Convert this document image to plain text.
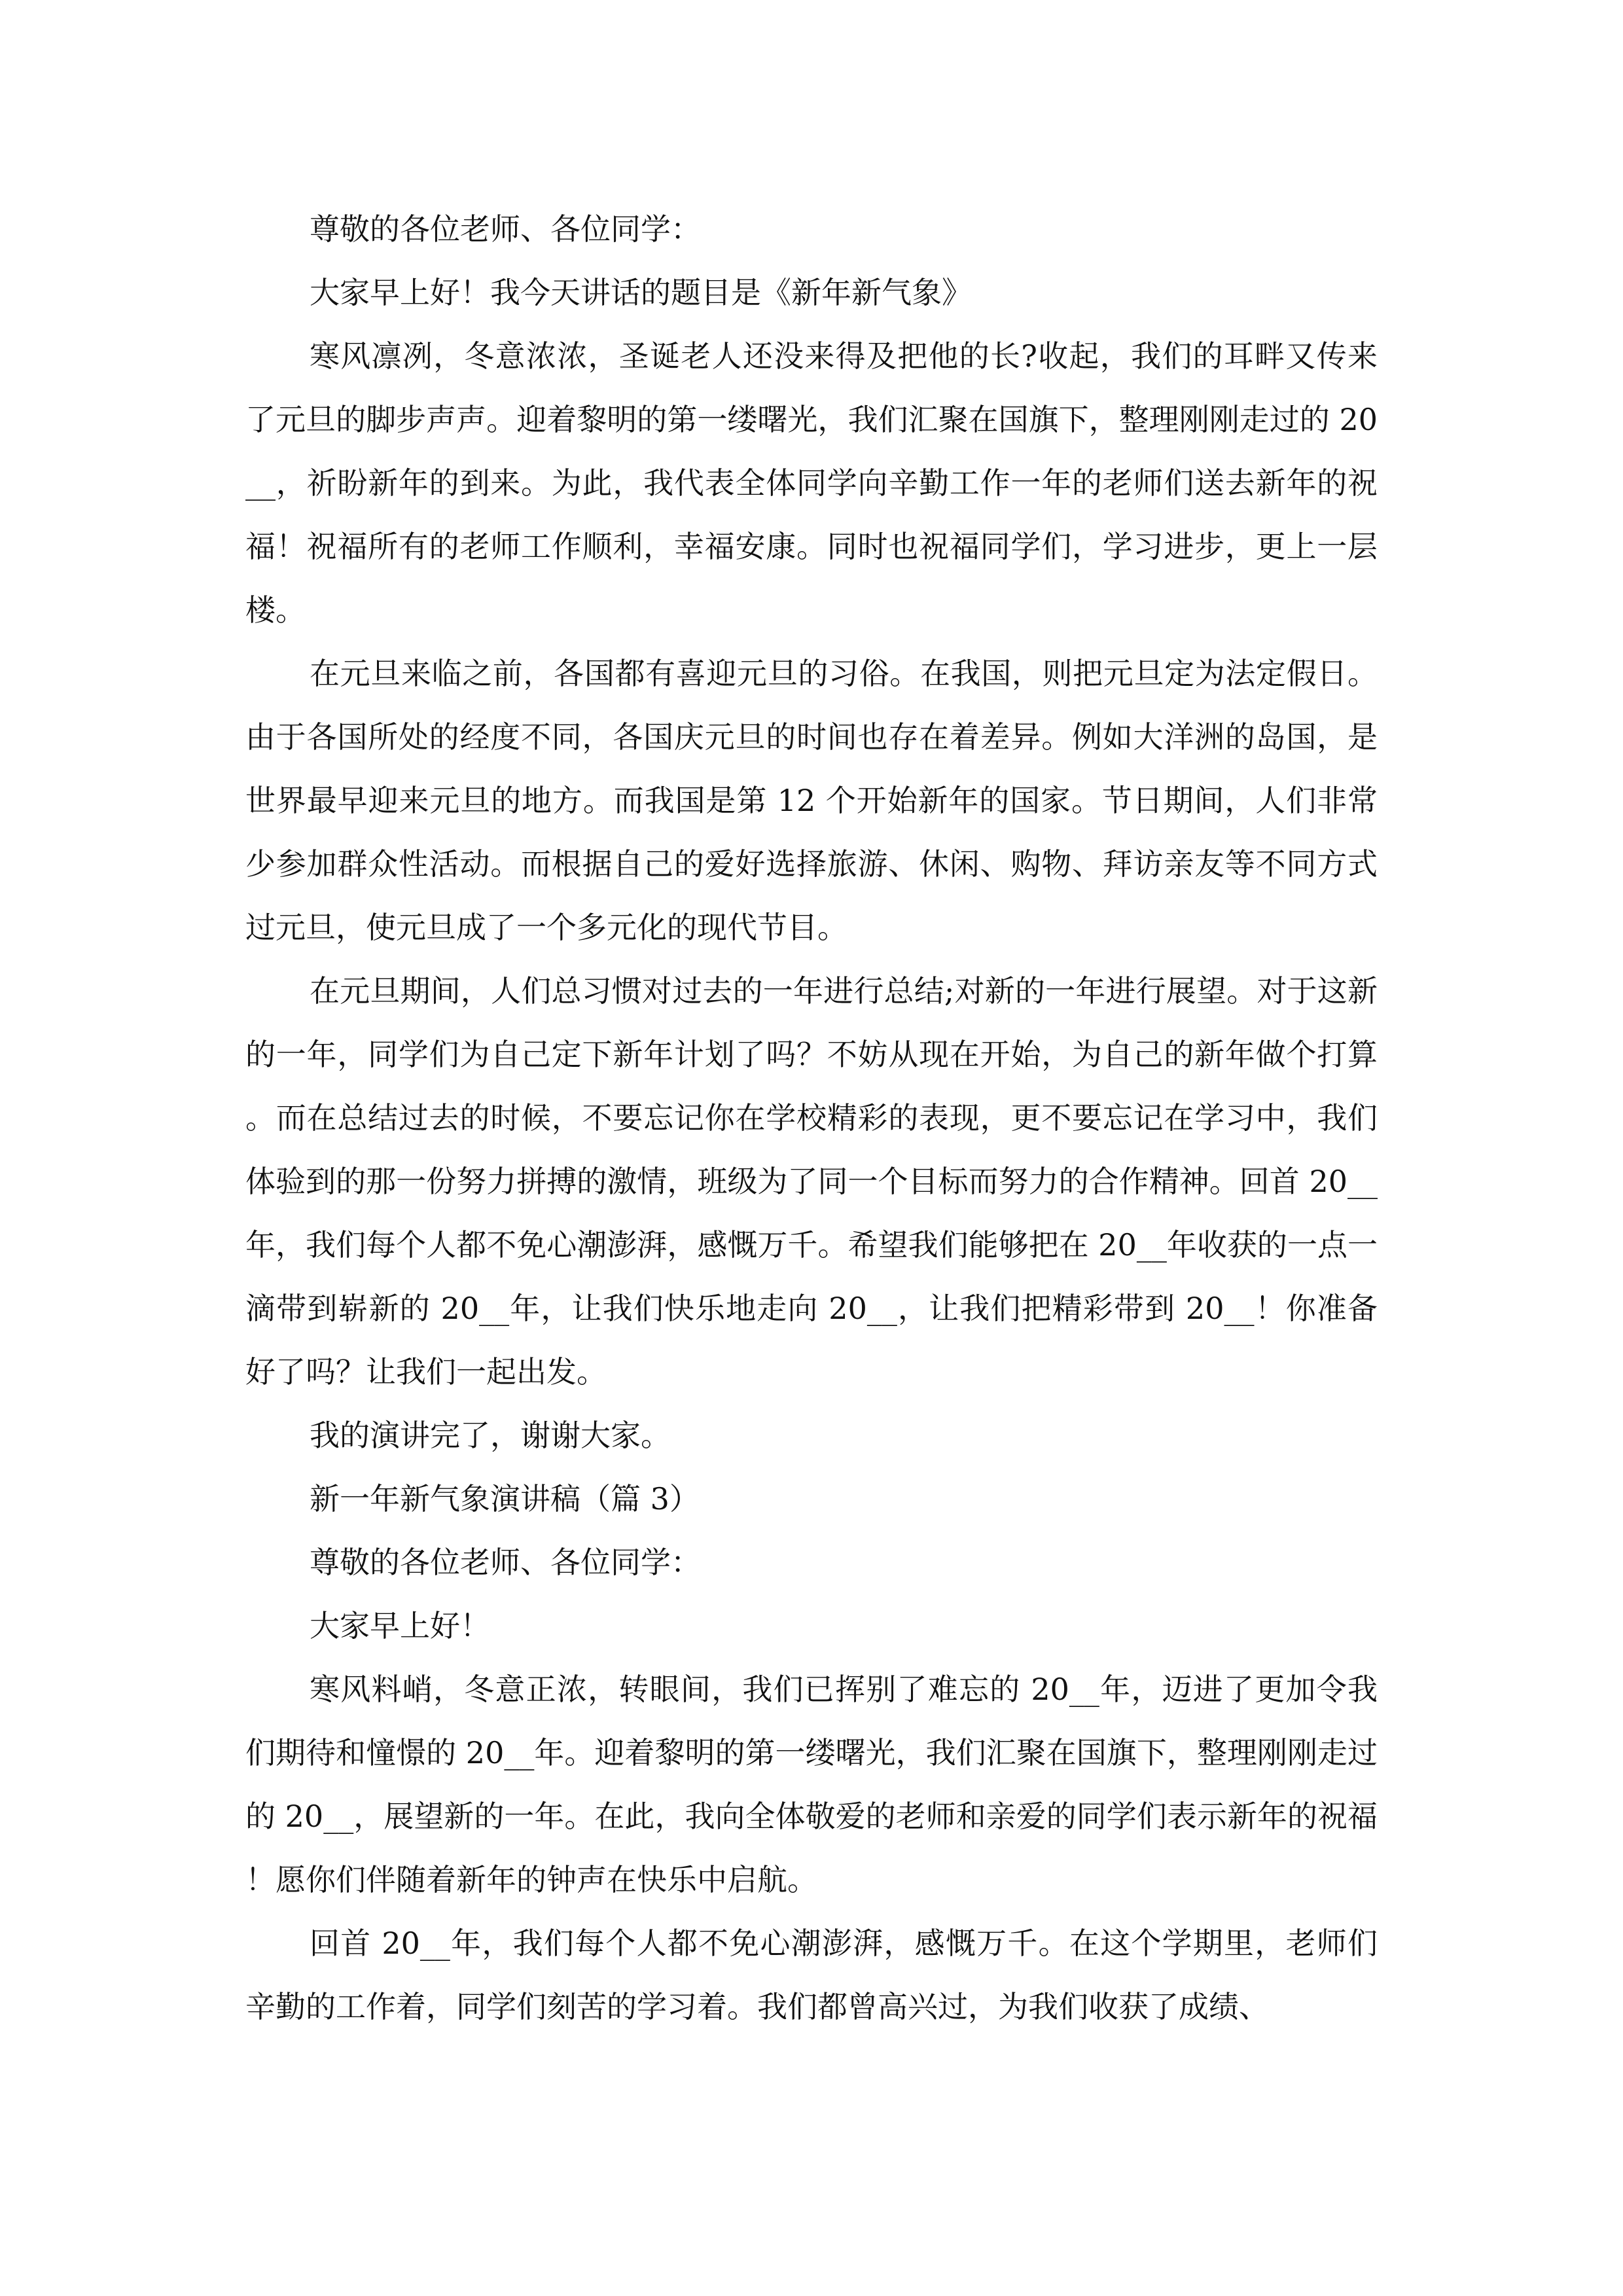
尊敬的各位老师、各位同学：

大家早上好！我今天讲话的题目是《新年新气象》

寒风凛冽，冬意浓浓，圣诞老人还没来得及把他的长?收起，我们的耳畔又传来了元旦的脚步声声。迎着黎明的第一缕曙光，我们汇聚在国旗下，整理刚刚走过的 20__，祈盼新年的到来。为此，我代表全体同学向辛勤工作一年的老师们送去新年的祝福！祝福所有的老师工作顺利，幸福安康。同时也祝福同学们，学习进步，更上一层楼。

在元旦来临之前，各国都有喜迎元旦的习俗。在我国，则把元旦定为法定假日。由于各国所处的经度不同，各国庆元旦的时间也存在着差异。例如大洋洲的岛国，是世界最早迎来元旦的地方。而我国是第 12 个开始新年的国家。节日期间，人们非常少参加群众性活动。而根据自己的爱好选择旅游、休闲、购物、拜访亲友等不同方式过元旦，使元旦成了一个多元化的现代节目。

在元旦期间，人们总习惯对过去的一年进行总结;对新的一年进行展望。对于这新的一年，同学们为自己定下新年计划了吗？不妨从现在开始，为自己的新年做个打算。而在总结过去的时候，不要忘记你在学校精彩的表现，更不要忘记在学习中，我们体验到的那一份努力拼搏的激情，班级为了同一个目标而努力的合作精神。回首 20__年，我们每个人都不免心潮澎湃，感慨万千。希望我们能够把在 20__年收获的一点一滴带到崭新的 20__年，让我们快乐地走向 20__，让我们把精彩带到 20__！你准备好了吗？让我们一起出发。

我的演讲完了，谢谢大家。

新一年新气象演讲稿（篇 3）

尊敬的各位老师、各位同学：

大家早上好！

寒风料峭，冬意正浓，转眼间，我们已挥别了难忘的 20__年，迈进了更加令我们期待和憧憬的 20__年。迎着黎明的第一缕曙光，我们汇聚在国旗下，整理刚刚走过的 20__，展望新的一年。在此，我向全体敬爱的老师和亲爱的同学们表示新年的祝福！愿你们伴随着新年的钟声在快乐中启航。

回首 20__年，我们每个人都不免心潮澎湃，感慨万千。在这个学期里，老师们辛勤的工作着，同学们刻苦的学习着。我们都曾高兴过，为我们收获了成绩、
